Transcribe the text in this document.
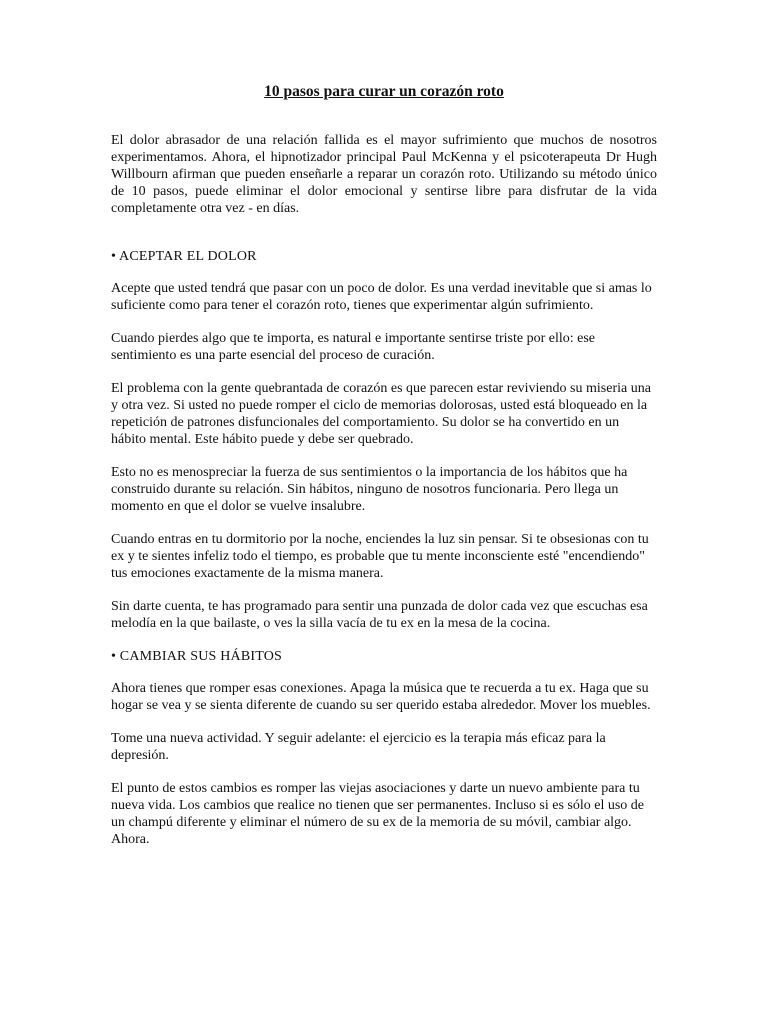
10 pasos para curar un corazón roto

El dolor abrasador de una relación fallida es el mayor sufrimiento que muchos de nosotros experimentamos. Ahora, el hipnotizador principal Paul McKenna y el psicoterapeuta Dr Hugh Willbourn afirman que pueden enseñarle a reparar un corazón roto. Utilizando su método único de 10 pasos, puede eliminar el dolor emocional y sentirse libre para disfrutar de la vida completamente otra vez - en días.

• ACEPTAR EL DOLOR

Acepte que usted tendrá que pasar con un poco de dolor. Es una verdad inevitable que si amas lo suficiente como para tener el corazón roto, tienes que experimentar algún sufrimiento.

Cuando pierdes algo que te importa, es natural e importante sentirse triste por ello: ese sentimiento es una parte esencial del proceso de curación.

El problema con la gente quebrantada de corazón es que parecen estar reviviendo su miseria una y otra vez. Si usted no puede romper el ciclo de memorias dolorosas, usted está bloqueado en la repetición de patrones disfuncionales del comportamiento. Su dolor se ha convertido en un hábito mental. Este hábito puede y debe ser quebrado.

Esto no es menospreciar la fuerza de sus sentimientos o la importancia de los hábitos que ha construido durante su relación. Sin hábitos, ninguno de nosotros funcionaria. Pero llega un momento en que el dolor se vuelve insalubre.

Cuando entras en tu dormitorio por la noche, enciendes la luz sin pensar. Si te obsesionas con tu ex y te sientes infeliz todo el tiempo, es probable que tu mente inconsciente esté "encendiendo" tus emociones exactamente de la misma manera.

Sin darte cuenta, te has programado para sentir una punzada de dolor cada vez que escuchas esa melodía en la que bailaste, o ves la silla vacía de tu ex en la mesa de la cocina.

• CAMBIAR SUS HÁBITOS

Ahora tienes que romper esas conexiones. Apaga la música que te recuerda a tu ex. Haga que su hogar se vea y se sienta diferente de cuando su ser querido estaba alrededor. Mover los muebles.

Tome una nueva actividad. Y seguir adelante: el ejercicio es la terapia más eficaz para la depresión.

El punto de estos cambios es romper las viejas asociaciones y darte un nuevo ambiente para tu nueva vida. Los cambios que realice no tienen que ser permanentes. Incluso si es sólo el uso de un champú diferente y eliminar el número de su ex de la memoria de su móvil, cambiar algo. Ahora.
